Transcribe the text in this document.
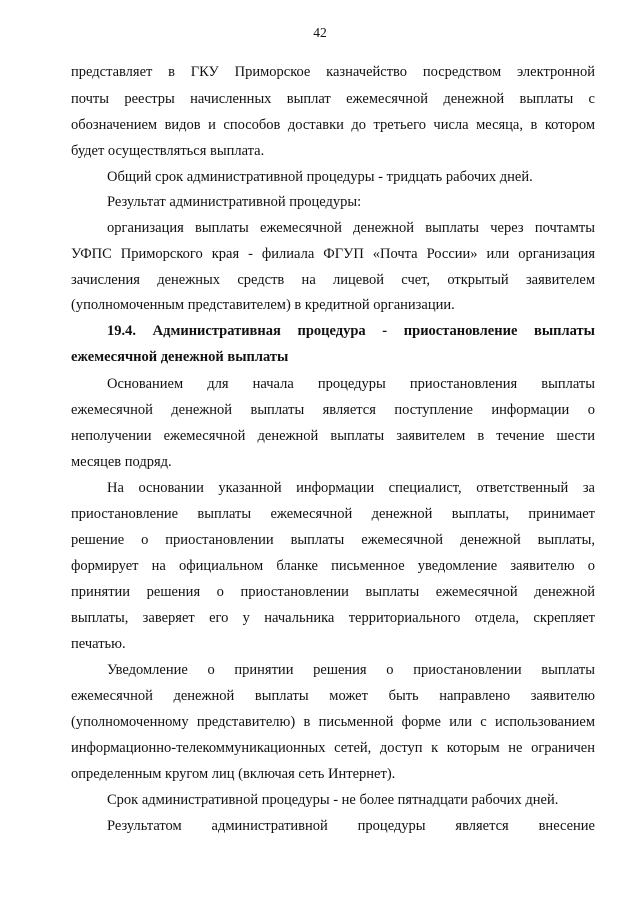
42
представляет в ГКУ Приморское казначейство посредством электронной
почты реестры начисленных выплат ежемесячной денежной выплаты с
обозначением видов и способов доставки до третьего числа месяца, в котором
будет осуществляться выплата.
Общий срок административной процедуры - тридцать рабочих дней.
Результат административной процедуры:
организация выплаты ежемесячной денежной выплаты через почтамты
УФПС Приморского края - филиала ФГУП «Почта России» или организация
зачисления денежных средств на лицевой счет, открытый заявителем
(уполномоченным представителем) в кредитной организации.
19.4. Административная процедура - приостановление выплаты
ежемесячной денежной выплаты
Основанием для начала процедуры приостановления выплаты
ежемесячной денежной выплаты является поступление информации о
неполучении ежемесячной денежной выплаты заявителем в течение шести
месяцев подряд.
На основании указанной информации специалист, ответственный за
приостановление выплаты ежемесячной денежной выплаты, принимает
решение о приостановлении выплаты ежемесячной денежной выплаты,
формирует на официальном бланке письменное уведомление заявителю о
принятии решения о приостановлении выплаты ежемесячной денежной
выплаты, заверяет его у начальника территориального отдела, скрепляет
печатью.
Уведомление о принятии решения о приостановлении выплаты
ежемесячной денежной выплаты может быть направлено заявителю
(уполномоченному представителю) в письменной форме или с использованием
информационно-телекоммуникационных сетей, доступ к которым не ограничен
определенным кругом лиц (включая сеть Интернет).
Срок административной процедуры - не более пятнадцати рабочих дней.
Результатом административной процедуры является внесение
